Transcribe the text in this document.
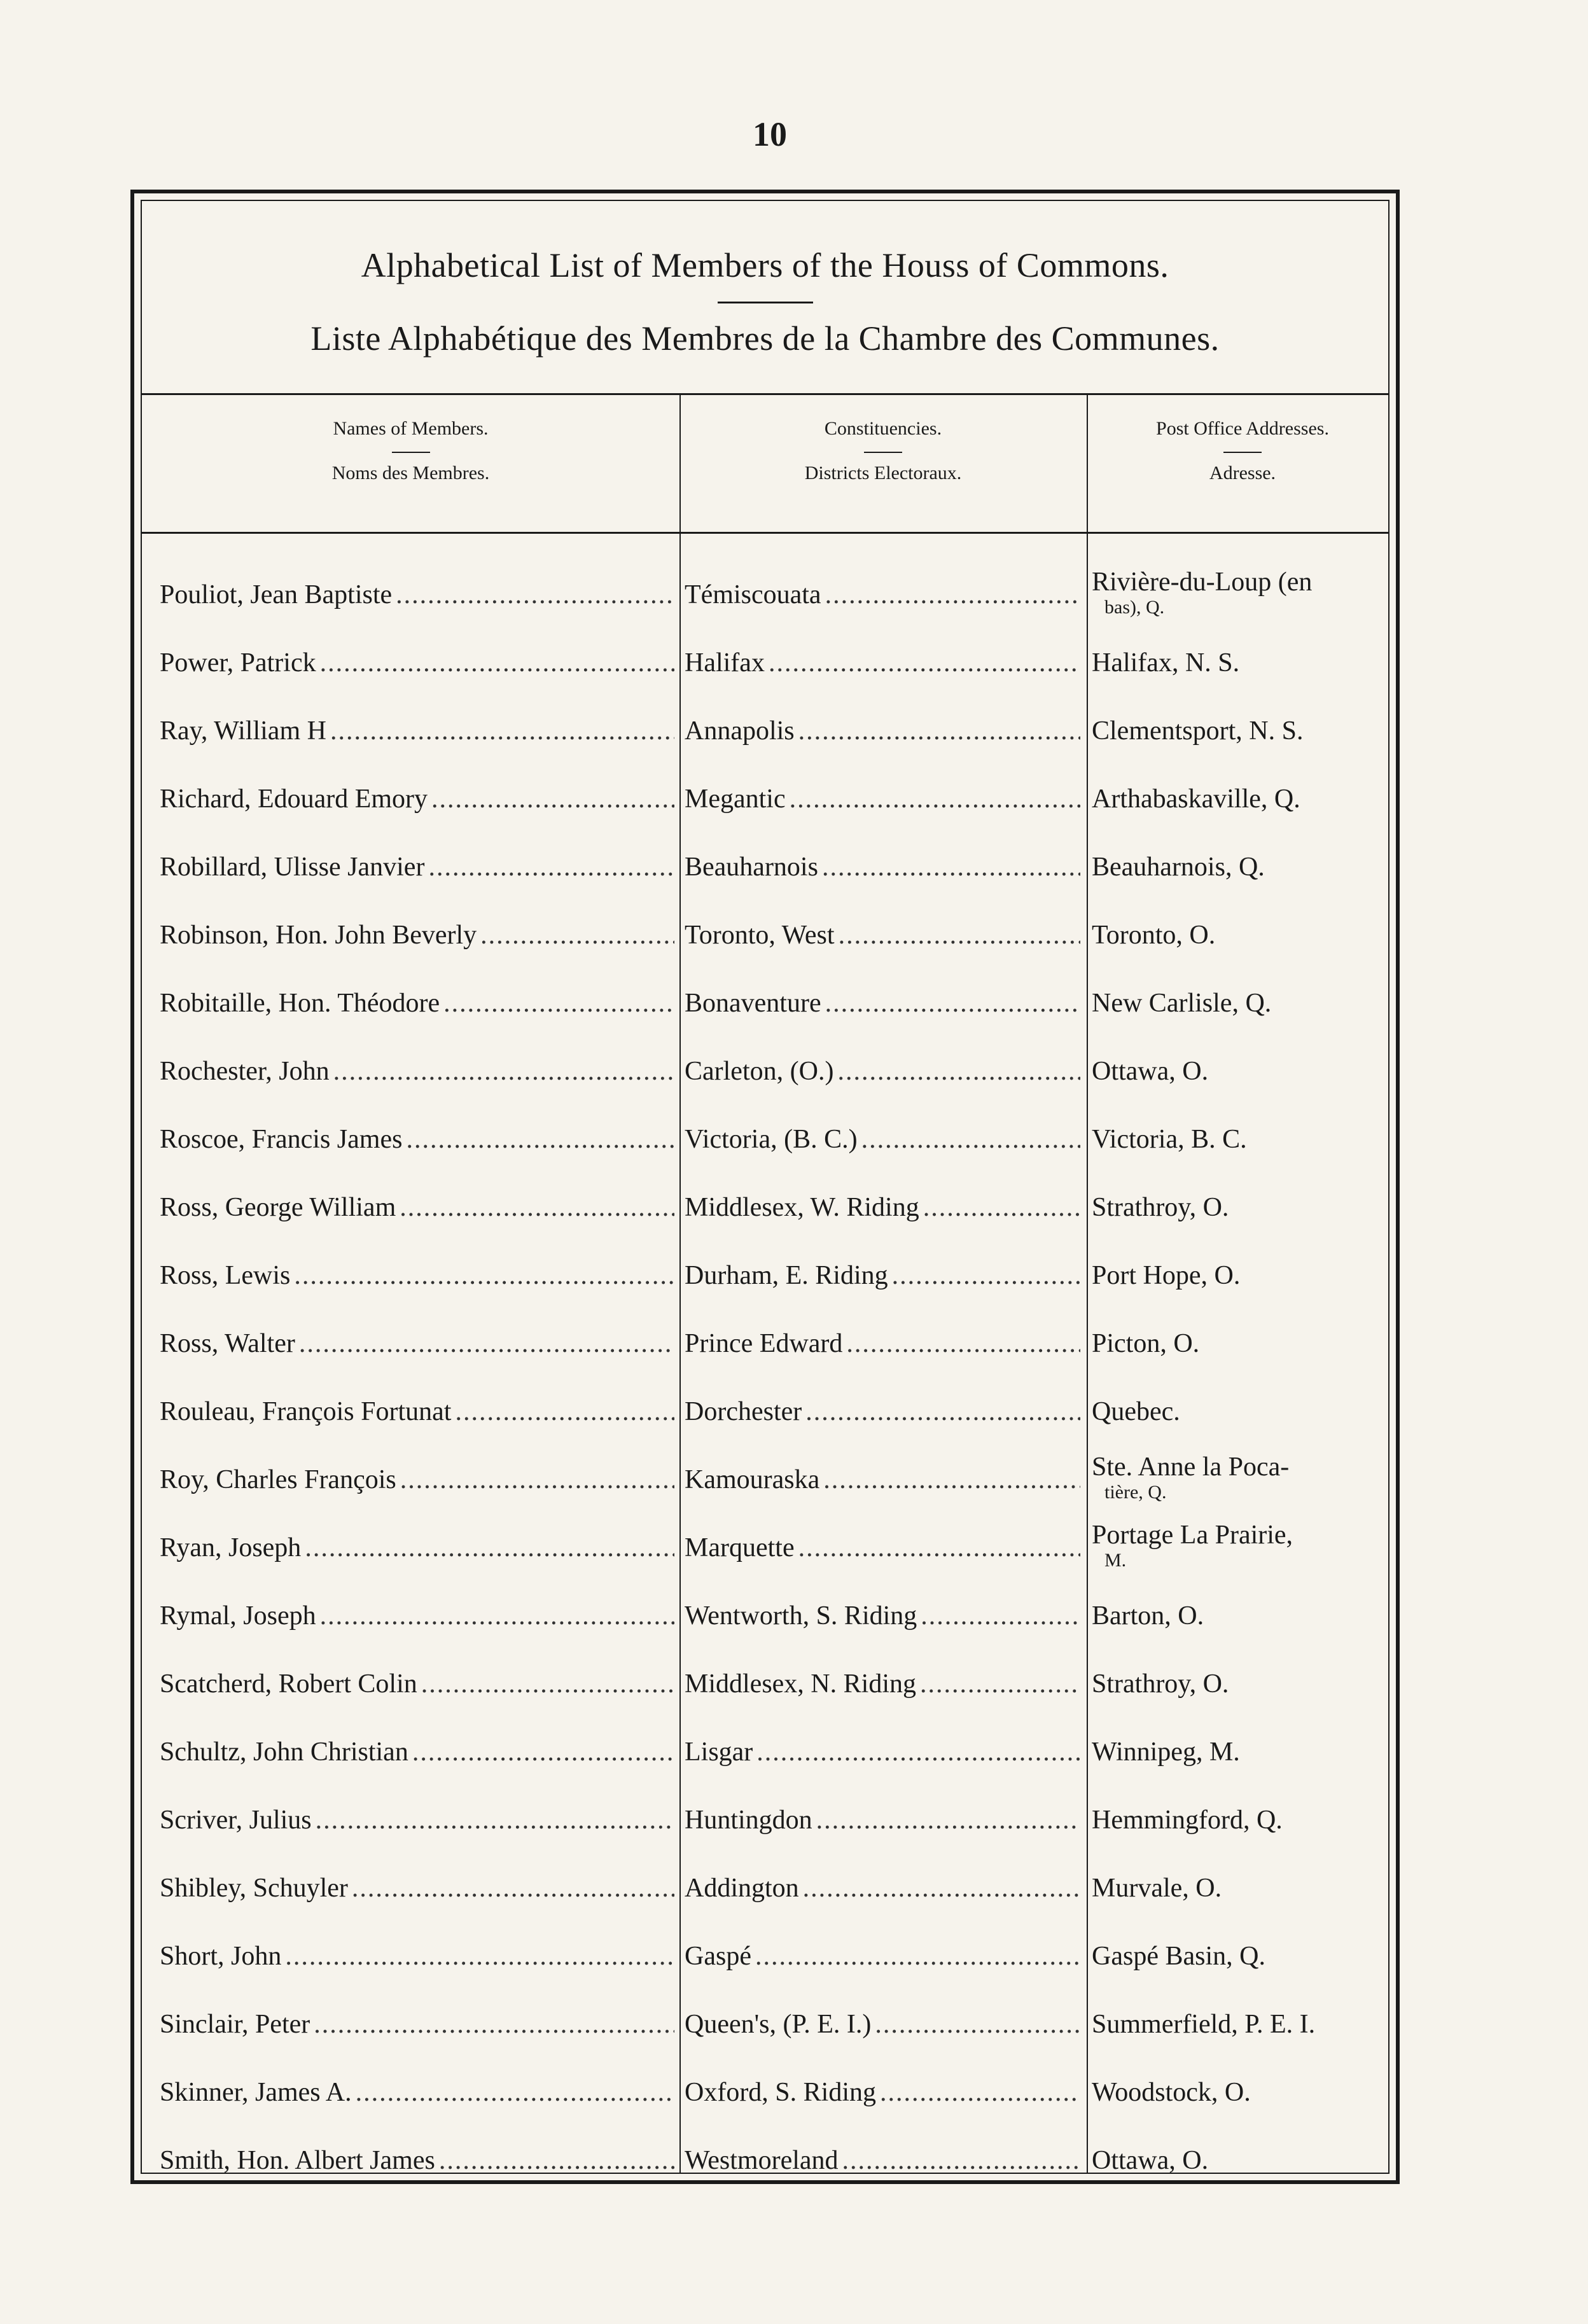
10
Alphabetical List of Members of the Houss of Commons.
Liste Alphabétique des Membres de la Chambre des Communes.
Names of Members.
Noms des Membres.
Constituencies.
Districts Electoraux.
Post Office Addresses.
Adresse.
Pouliot, Jean Baptiste .....	Témiscouata .....	Rivière-du-Loup (en
bas), Q.
Power, Patrick .....	Halifax .....	Halifax, N. S.
Ray, William H .....	Annapolis .....	Clementsport, N. S.
Richard, Edouard Emory .....	Megantic .....	Arthabaskaville, Q.
Robillard, Ulisse Janvier .....	Beauharnois .....	Beauharnois, Q.
Robinson, Hon. John Beverly .....	Toronto, West .....	Toronto, O.
Robitaille, Hon. Théodore .....	Bonaventure .....	New Carlisle, Q.
Rochester, John .....	Carleton, (O.) .....	Ottawa, O.
Roscoe, Francis James .....	Victoria, (B. C.) .....	Victoria, B. C.
Ross, George William .....	Middlesex, W. Riding .....	Strathroy, O.
Ross, Lewis .....	Durham, E. Riding .....	Port Hope, O.
Ross, Walter .....	Prince Edward .....	Picton, O.
Rouleau, François Fortunat .....	Dorchester .....	Quebec.
Roy, Charles François .....	Kamouraska .....	Ste. Anne la Poca-
tière, Q.
Ryan, Joseph .....	Marquette .....	Portage La Prairie,
M.
Rymal, Joseph .....	Wentworth, S. Riding .....	Barton, O.
Scatcherd, Robert Colin .....	Middlesex, N. Riding .....	Strathroy, O.
Schultz, John Christian .....	Lisgar .....	Winnipeg, M.
Scriver, Julius .....	Huntingdon .....	Hemmingford, Q.
Shibley, Schuyler .....	Addington .....	Murvale, O.
Short, John .....	Gaspé .....	Gaspé Basin, Q.
Sinclair, Peter .....	Queen's, (P. E. I.) .....	Summerfield, P. E. I.
Skinner, James A. .....	Oxford, S. Riding .....	Woodstock, O.
Smith, Hon. Albert James .....	Westmoreland .....	Ottawa, O.
